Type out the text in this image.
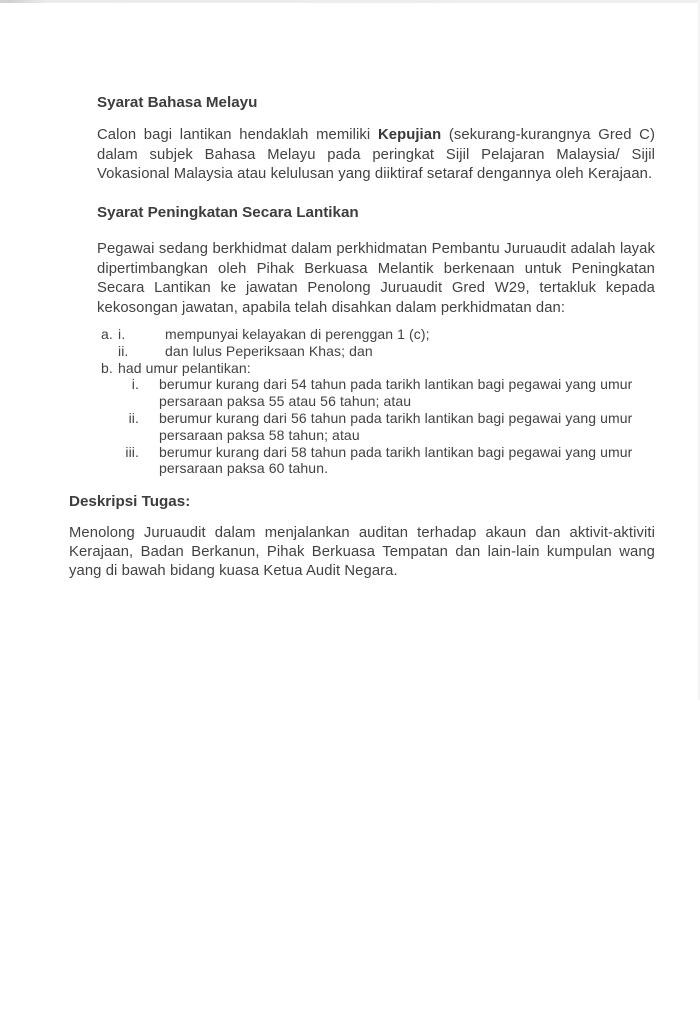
Syarat Bahasa Melayu
Calon bagi lantikan hendaklah memiliki Kepujian (sekurang-kurangnya Gred C) dalam subjek Bahasa Melayu pada peringkat Sijil Pelajaran Malaysia/ Sijil Vokasional Malaysia atau kelulusan yang diiktiraf setaraf dengannya oleh Kerajaan.
Syarat Peningkatan Secara Lantikan
Pegawai sedang berkhidmat dalam perkhidmatan Pembantu Juruaudit adalah layak dipertimbangkan oleh Pihak Berkuasa Melantik berkenaan untuk Peningkatan Secara Lantikan ke jawatan Penolong Juruaudit Gred W29, tertakluk kepada kekosongan jawatan, apabila telah disahkan dalam perkhidmatan dan:
a. i.	mempunyai kelayakan di perenggan 1 (c);
ii.	dan lulus Peperiksaan Khas; dan
b. had umur pelantikan:
i.	berumur kurang dari 54 tahun pada tarikh lantikan bagi pegawai yang umur persaraan paksa 55 atau 56 tahun; atau
ii.	berumur kurang dari 56 tahun pada tarikh lantikan bagi pegawai yang umur persaraan paksa 58 tahun; atau
iii.	berumur kurang dari 58 tahun pada tarikh lantikan bagi pegawai yang umur persaraan paksa 60 tahun.
Deskripsi Tugas:
Menolong Juruaudit dalam menjalankan auditan terhadap akaun dan aktivit-aktiviti Kerajaan, Badan Berkanun, Pihak Berkuasa Tempatan dan lain-lain kumpulan wang yang di bawah bidang kuasa Ketua Audit Negara.
